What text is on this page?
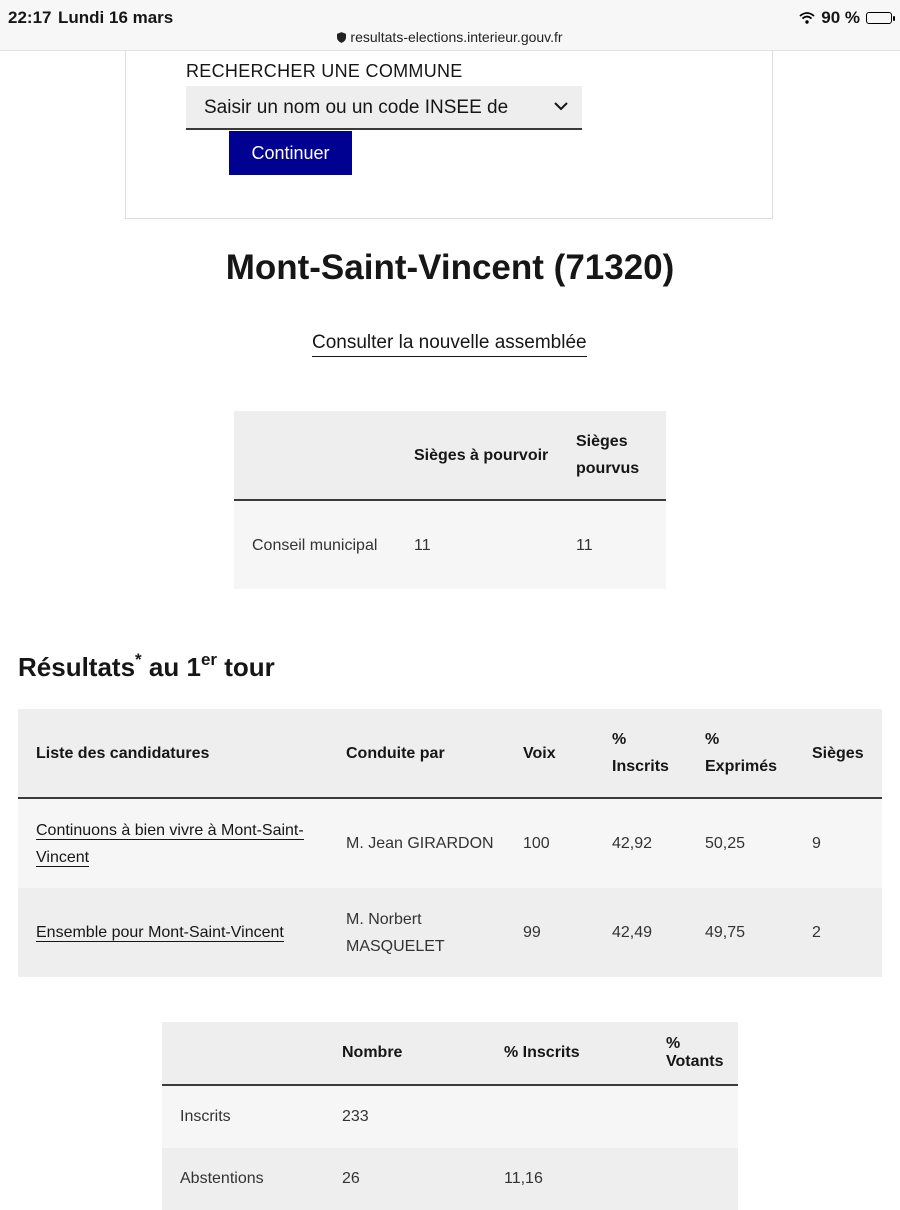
22:17 Lundi 16 mars	90 %
resultats-elections.interieur.gouv.fr
RECHERCHER UNE COMMUNE
Saisir un nom ou un code INSEE de
Continuer
Mont-Saint-Vincent (71320)
Consulter la nouvelle assemblée
	Sièges à pourvoir	Sièges pourvus
Conseil municipal	11	11
Résultats* au 1er tour
Liste des candidatures	Conduite par	Voix	% Inscrits	% Exprimés	Sièges
Continuons à bien vivre à Mont-Saint-Vincent	M. Jean GIRARDON	100	42,92	50,25	9
Ensemble pour Mont-Saint-Vincent	M. Norbert MASQUELET	99	42,49	49,75	2
	Nombre	% Inscrits	% Votants
Inscrits	233		
Abstentions	26	11,16	
